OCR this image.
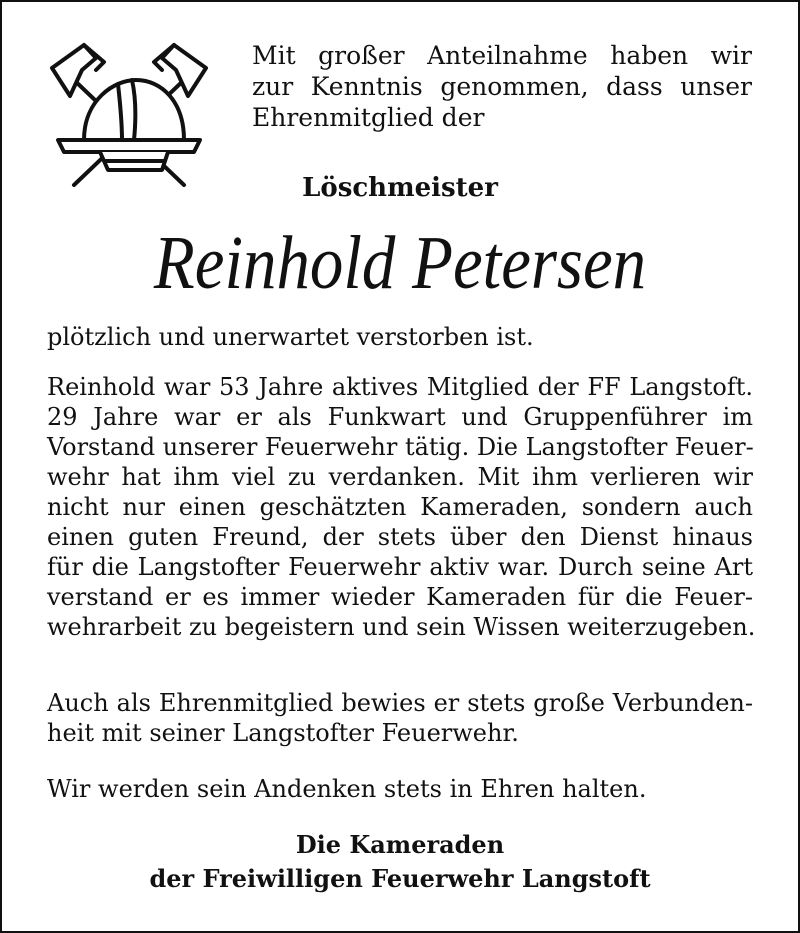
Mit großer Anteilnahme haben wir
zur Kenntnis genommen, dass unser
Ehrenmitglied der
Löschmeister
Reinhold Petersen
plötzlich und unerwartet verstorben ist.
Reinhold war 53 Jahre aktives Mitglied der FF Langstoft.
29 Jahre war er als Funkwart und Gruppenführer im
Vorstand unserer Feuerwehr tätig. Die Langstofter Feuer-
wehr hat ihm viel zu verdanken. Mit ihm verlieren wir
nicht nur einen geschätzten Kameraden, sondern auch
einen guten Freund, der stets über den Dienst hinaus
für die Langstofter Feuerwehr aktiv war. Durch seine Art
verstand er es immer wieder Kameraden für die Feuer-
wehrarbeit zu begeistern und sein Wissen weiterzugeben.
Auch als Ehrenmitglied bewies er stets große Verbunden-
heit mit seiner Langstofter Feuerwehr.
Wir werden sein Andenken stets in Ehren halten.
Die Kameraden
der Freiwilligen Feuerwehr Langstoft
